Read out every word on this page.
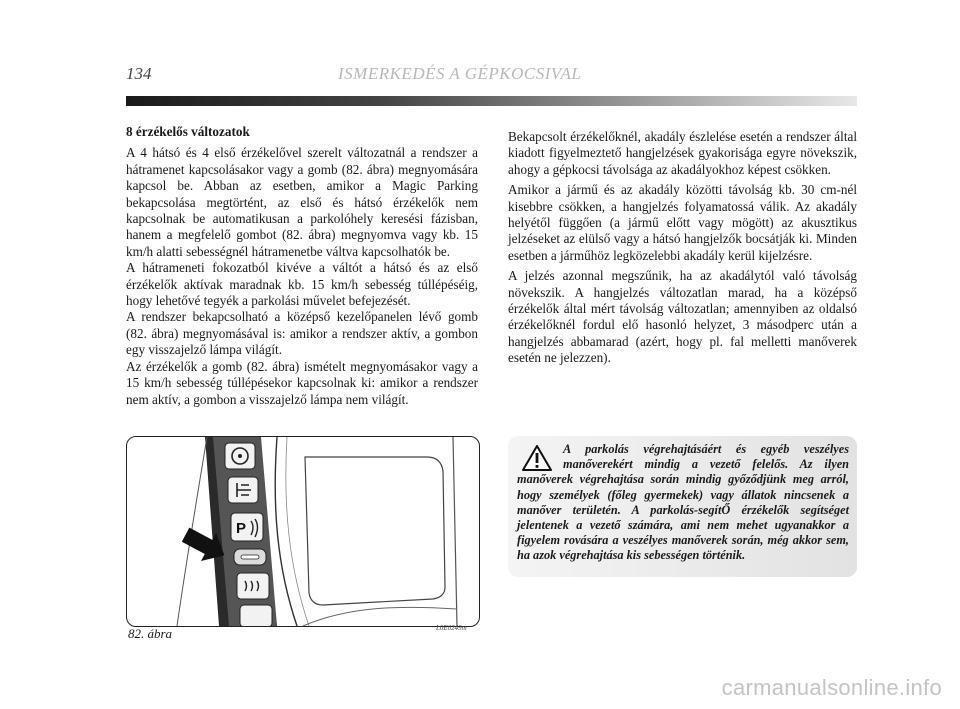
134	ISMERKEDÉS A GÉPKOCSIVAL

8 érzékelős változatok

A 4 hátsó és 4 első érzékelővel szerelt változatnál a rendszer a hátramenet kapcsolásakor vagy a gomb (82. ábra) megnyomására kapcsol be. Abban az esetben, amikor a Magic Parking bekapcsolása megtörtént, az első és hátsó érzékelők nem kapcsolnak be automatikusan a parkolóhely keresési fázisban, hanem a megfelelő gombot (82. ábra) megnyomva vagy kb. 15 km/h alatti sebességnél hátramenetbe váltva kapcsolhatók be.

A hátrameneti fokozatból kivéve a váltót a hátsó és az első érzékelők aktívak maradnak kb. 15 km/h sebesség túllépéséig, hogy lehetővé tegyék a parkolási művelet befejezését.

A rendszer bekapcsolható a középső kezelőpanelen lévő gomb (82. ábra) megnyomásával is: amikor a rendszer aktív, a gombon egy visszajelző lámpa világít.

Az érzékelők a gomb (82. ábra) ismételt megnyomásakor vagy a 15 km/h sebesség túllépésekor kapcsolnak ki: amikor a rendszer nem aktív, a gombon a visszajelző lámpa nem világít.

Bekapcsolt érzékelőknél, akadály észlelése esetén a rendszer által kiadott figyelmeztető hangjelzések gyakorisága egyre növekszik, ahogy a gépkocsi távolsága az akadályokhoz képest csökken.

Amikor a jármű és az akadály közötti távolság kb. 30 cm-nél kisebbre csökken, a hangjelzés folyamatossá válik. Az akadály helyétől függően (a jármű előtt vagy mögött) az akusztikus jelzéseket az elülső vagy a hátsó hangjelzők bocsátják ki. Minden esetben a járműhöz legközelebbi akadály kerül kijelzésre.

A jelzés azonnal megszűnik, ha az akadálytól való távolság növekszik. A hangjelzés változatlan marad, ha a középső érzékelők által mért távolság változatlan; amennyiben az oldalsó érzékelőknél fordul elő hasonló helyzet, 3 másodperc után a hangjelzés abbamarad (azért, hogy pl. fal melletti manőverek esetén ne jelezzen).

P
82. ábra	L0E0249m
A parkolás végrehajtásáért és egyéb veszélyes manőverekért mindig a vezető felelős. Az ilyen manőverek végrehajtása során mindig győződjünk meg arról, hogy személyek (főleg gyermekek) vagy állatok nincsenek a manőver területén. A parkolás-segítŐ érzékelők segítséget jelentenek a vezető számára, ami nem mehet ugyanakkor a figyelem rovására a veszélyes manőverek során, még akkor sem, ha azok végrehajtása kis sebességen történik.
carmanualsonline.info
